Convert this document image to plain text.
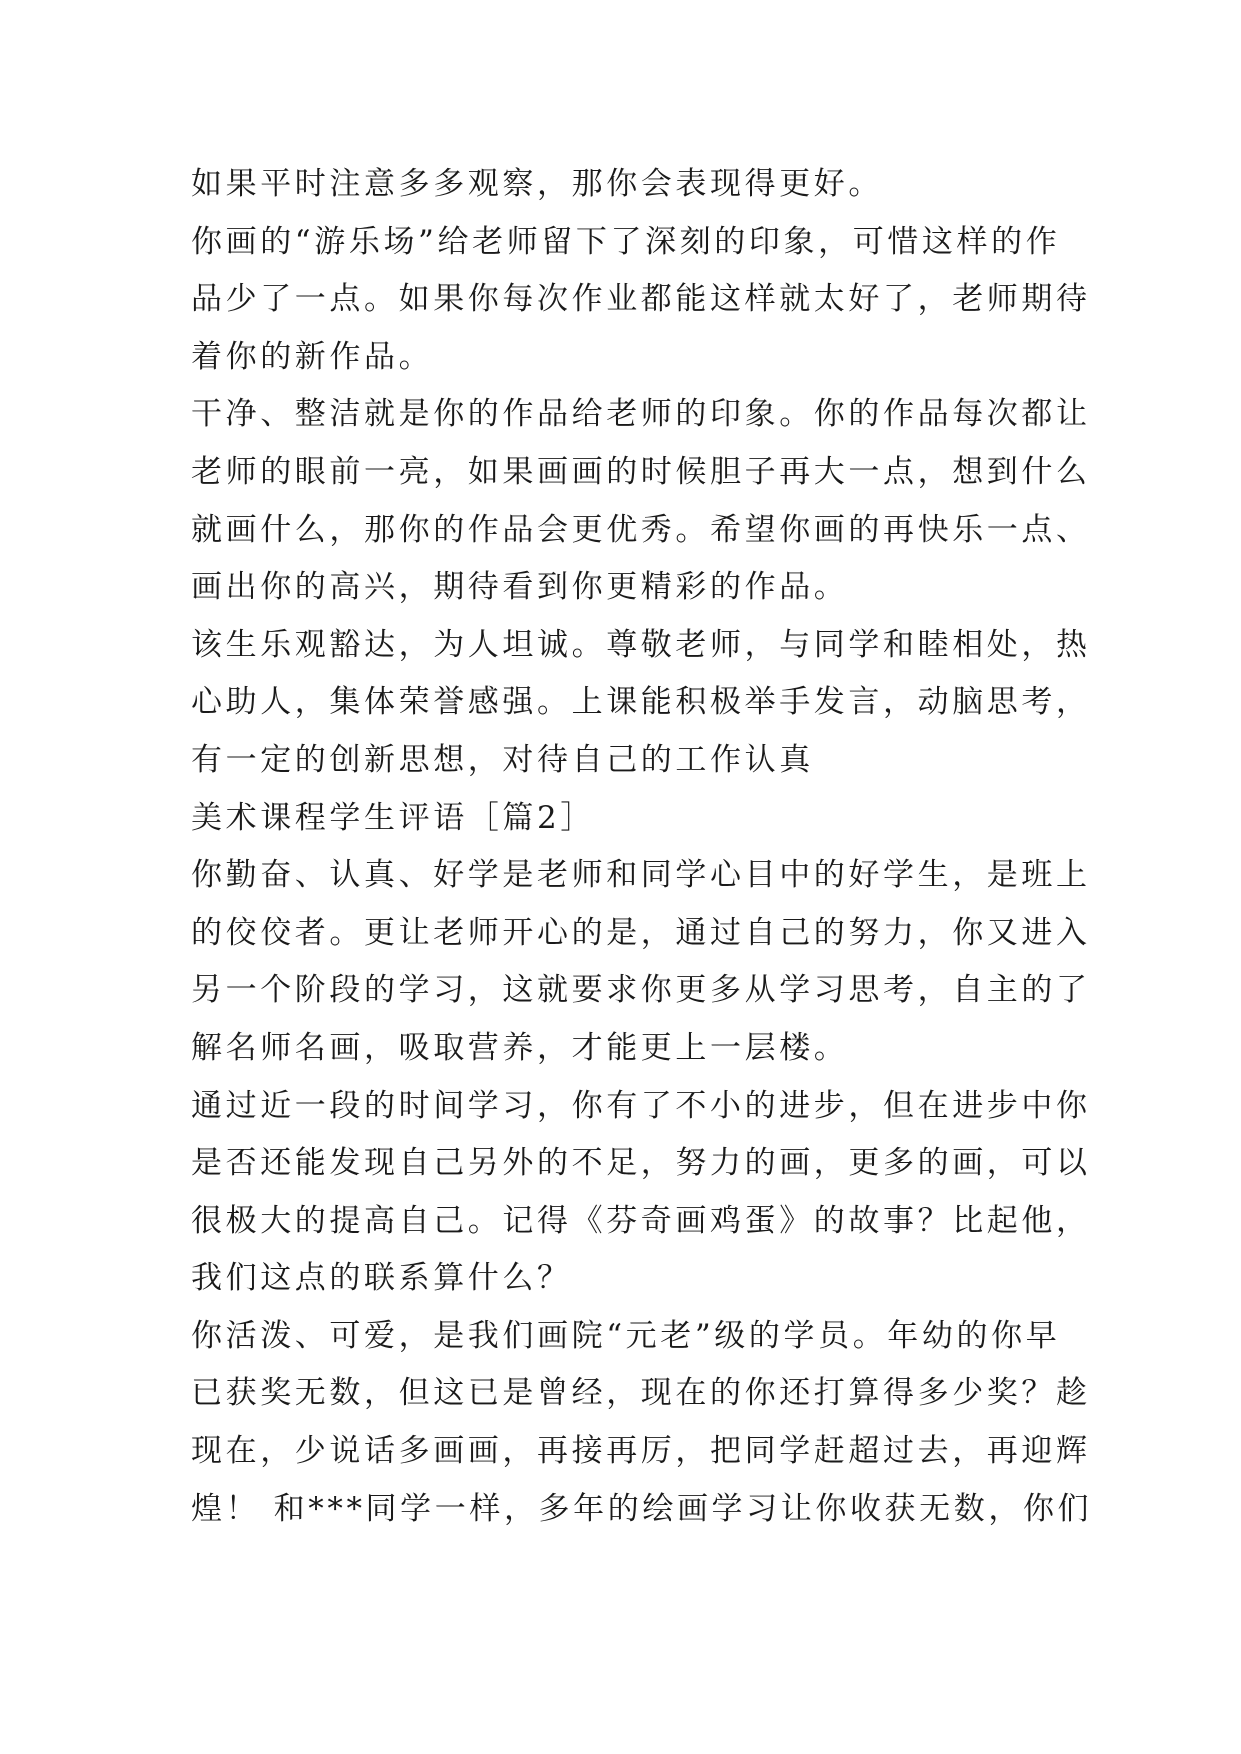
如果平时注意多多观察，那你会表现得更好。
你画的“游乐场”给老师留下了深刻的印象，可惜这样的作
品少了一点。如果你每次作业都能这样就太好了，老师期待
着你的新作品。
干净、整洁就是你的作品给老师的印象。你的作品每次都让
老师的眼前一亮，如果画画的时候胆子再大一点，想到什么
就画什么，那你的作品会更优秀。希望你画的再快乐一点、
画出你的高兴，期待看到你更精彩的作品。
该生乐观豁达，为人坦诚。尊敬老师，与同学和睦相处，热
心助人，集体荣誉感强。上课能积极举手发言，动脑思考，
有一定的创新思想，对待自己的工作认真
美术课程学生评语［篇2］
你勤奋、认真、好学是老师和同学心目中的好学生，是班上
的佼佼者。更让老师开心的是，通过自己的努力，你又进入
另一个阶段的学习，这就要求你更多从学习思考，自主的了
解名师名画，吸取营养，才能更上一层楼。
通过近一段的时间学习，你有了不小的进步，但在进步中你
是否还能发现自己另外的不足，努力的画，更多的画，可以
很极大的提高自己。记得《芬奇画鸡蛋》的故事？比起他，
我们这点的联系算什么？
你活泼、可爱，是我们画院“元老”级的学员。年幼的你早
已获奖无数，但这已是曾经，现在的你还打算得多少奖？趁
现在，少说话多画画，再接再厉，把同学赶超过去，再迎辉
煌！ 和***同学一样，多年的绘画学习让你收获无数，你们
